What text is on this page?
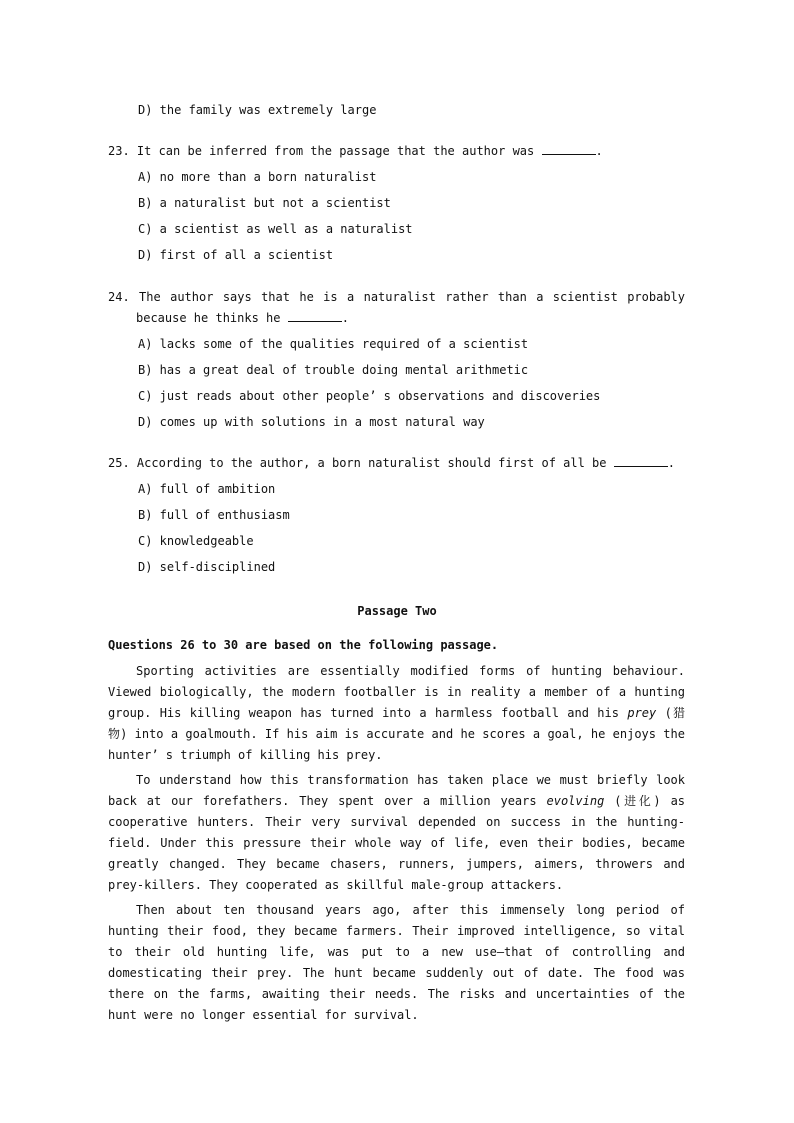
D) the family was extremely large
23. It can be inferred from the passage that the author was	.
A) no more than a born naturalist
B) a naturalist but not a scientist
C) a scientist as well as a naturalist
D) first of all a scientist
24. The author says that he is a naturalist rather than a scientist probably
because he thinks he	.
A) lacks some of the qualities required of a scientist
B) has a great deal of trouble doing mental arithmetic
C) just reads about other people’ s observations and discoveries
D) comes up with solutions in a most natural way
25. According to the author, a born naturalist should first of all be	.
A) full of ambition
B) full of enthusiasm
C) knowledgeable
D) self-disciplined
Passage Two
Questions 26 to 30 are based on the following passage.
Sporting activities are essentially modified forms of hunting behaviour. Viewed biologically, the modern footballer is in reality a member of a hunting group. His killing weapon has turned into a harmless football and his prey (猎物) into a goalmouth. If his aim is accurate and he scores a goal, he enjoys the hunter’ s triumph of killing his prey.
To understand how this transformation has taken place we must briefly look back at our forefathers. They spent over a million years evolving (进化) as cooperative hunters. Their very survival depended on success in the hunting-field. Under this pressure their whole way of life, even their bodies, became greatly changed. They became chasers, runners, jumpers, aimers, throwers and prey-killers. They cooperated as skillful male-group attackers.
Then about ten thousand years ago, after this immensely long period of hunting their food, they became farmers. Their improved intelligence, so vital to their old hunting life, was put to a new use—that of controlling and domesticating their prey. The hunt became suddenly out of date. The food was there on the farms, awaiting their needs. The risks and uncertainties of the hunt were no longer essential for survival.
